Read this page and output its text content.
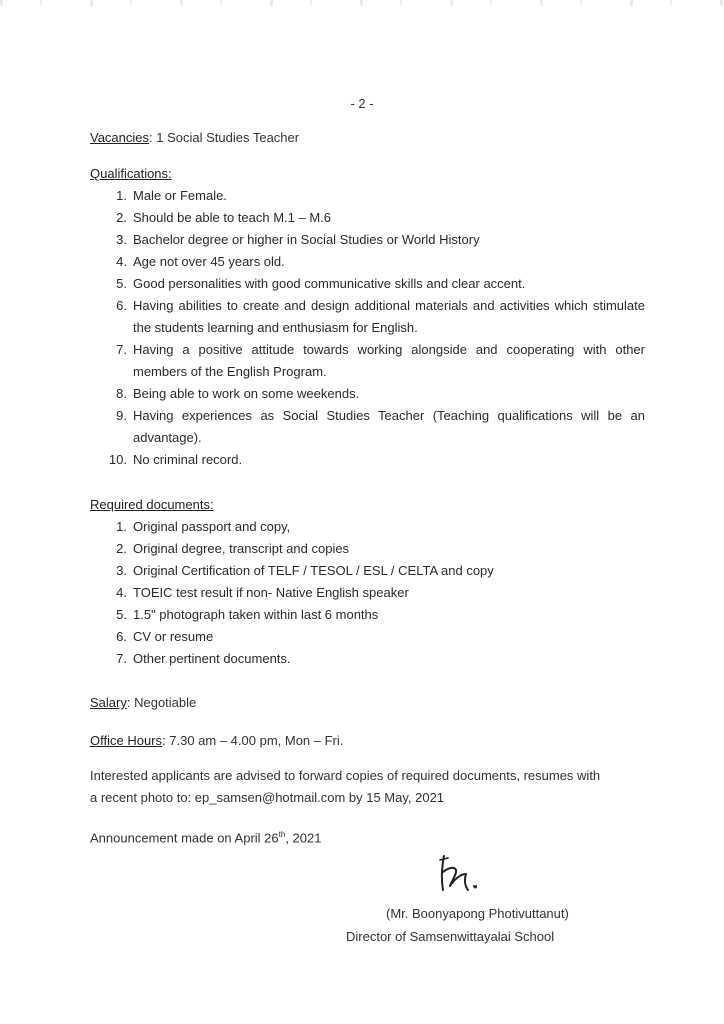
- 2 -
Vacancies: 1 Social Studies Teacher
Qualifications:
1. Male or Female.
2. Should be able to teach M.1 – M.6
3. Bachelor degree or higher in Social Studies or World History
4. Age not over 45 years old.
5. Good personalities with good communicative skills and clear accent.
6. Having abilities to create and design additional materials and activities which stimulate the students learning and enthusiasm for English.
7. Having a positive attitude towards working alongside and cooperating with other members of the English Program.
8. Being able to work on some weekends.
9. Having experiences as Social Studies Teacher (Teaching qualifications will be an advantage).
10. No criminal record.
Required documents:
1. Original passport and copy,
2. Original degree, transcript and copies
3. Original Certification of TELF / TESOL / ESL / CELTA and copy
4. TOEIC test result if non- Native English speaker
5. 1.5" photograph taken within last 6 months
6. CV or resume
7. Other pertinent documents.
Salary: Negotiable
Office Hours: 7.30 am – 4.00 pm, Mon – Fri.
Interested applicants are advised to forward copies of required documents, resumes with
a recent photo to: ep_samsen@hotmail.com by 15 May, 2021
Announcement made on April 26th, 2021
(Mr. Boonyapong Photivuttanut)
Director of Samsenwittayalai School
